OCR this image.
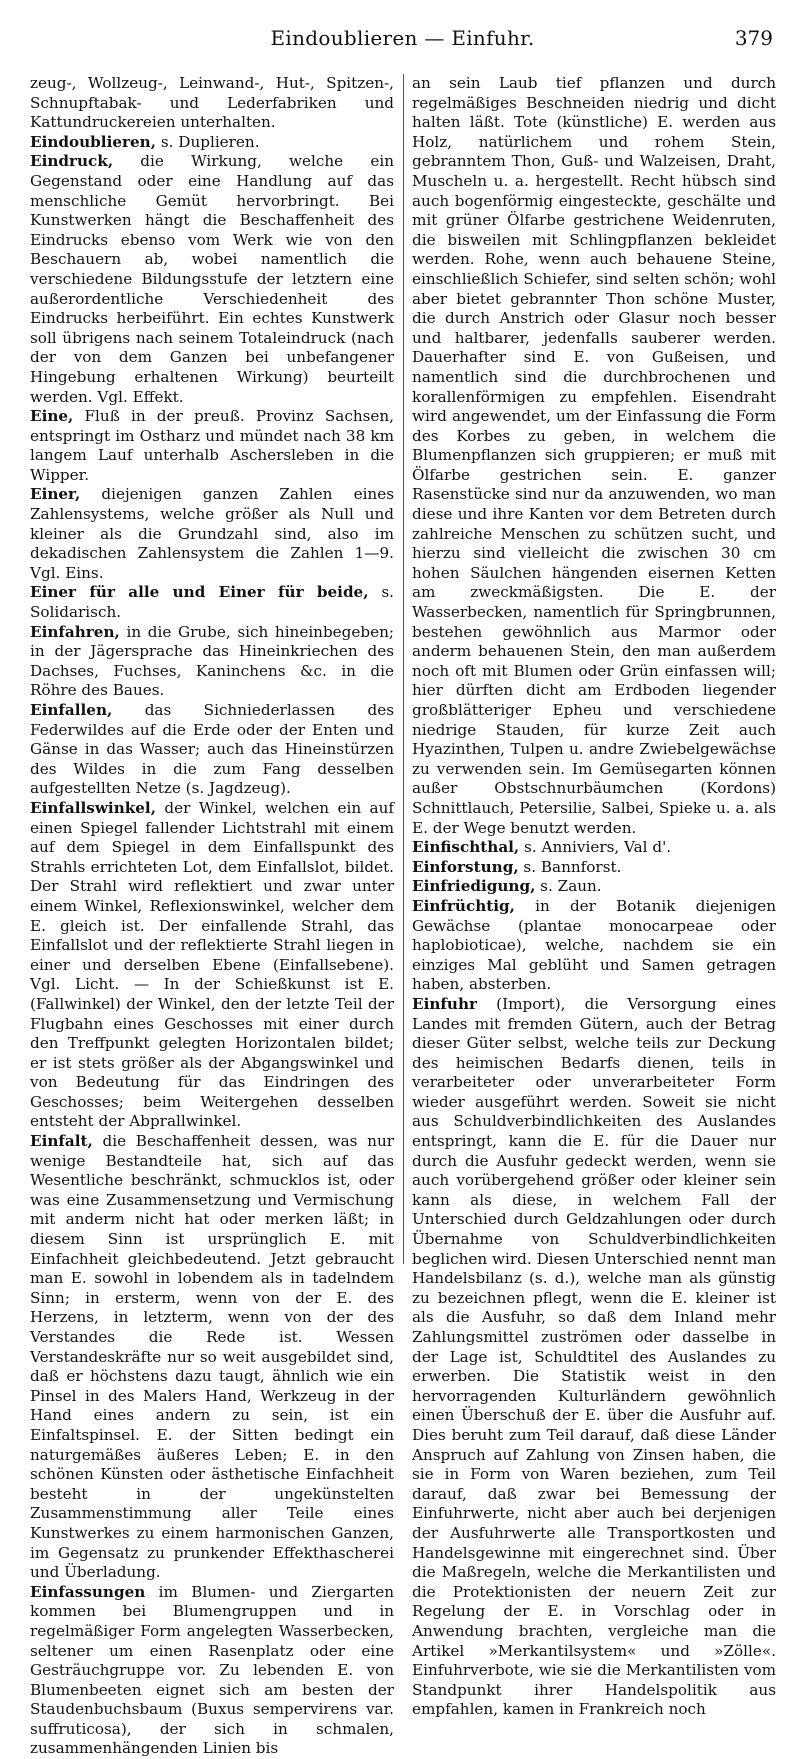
Eindoublieren — Einfuhr.	379

zeug-, Wollzeug-, Leinwand-, Hut-, Spitzen-, Schnupftabak- und Lederfabriken und Kattundruckereien unterhalten.

Eindoublieren, s. Duplieren.

Eindruck, die Wirkung, welche ein Gegenstand oder eine Handlung auf das menschliche Gemüt hervorbringt. Bei Kunstwerken hängt die Beschaffenheit des Eindrucks ebenso vom Werk wie von den Beschauern ab, wobei namentlich die verschiedene Bildungsstufe der letztern eine außerordentliche Verschiedenheit des Eindrucks herbeiführt. Ein echtes Kunstwerk soll übrigens nach seinem Totaleindruck (nach der von dem Ganzen bei unbefangener Hingebung erhaltenen Wirkung) beurteilt werden. Vgl. Effekt.

Eine, Fluß in der preuß. Provinz Sachsen, entspringt im Ostharz und mündet nach 38 km langem Lauf unterhalb Aschersleben in die Wipper.

Einer, diejenigen ganzen Zahlen eines Zahlensystems, welche größer als Null und kleiner als die Grundzahl sind, also im dekadischen Zahlensystem die Zahlen 1—9. Vgl. Eins.

Einer für alle und Einer für beide, s. Solidarisch.

Einfahren, in die Grube, sich hineinbegeben; in der Jägersprache das Hineinkriechen des Dachses, Fuchses, Kaninchens &c. in die Röhre des Baues.

Einfallen, das Sichniederlassen des Federwildes auf die Erde oder der Enten und Gänse in das Wasser; auch das Hineinstürzen des Wildes in die zum Fang desselben aufgestellten Netze (s. Jagdzeug).

Einfallswinkel, der Winkel, welchen ein auf einen Spiegel fallender Lichtstrahl mit einem auf dem Spiegel in dem Einfallspunkt des Strahls errichteten Lot, dem Einfallslot, bildet. Der Strahl wird reflektiert und zwar unter einem Winkel, Reflexionswinkel, welcher dem E. gleich ist. Der einfallende Strahl, das Einfallslot und der reflektierte Strahl liegen in einer und derselben Ebene (Einfallsebene). Vgl. Licht. — In der Schießkunst ist E. (Fallwinkel) der Winkel, den der letzte Teil der Flugbahn eines Geschosses mit einer durch den Treffpunkt gelegten Horizontalen bildet; er ist stets größer als der Abgangswinkel und von Bedeutung für das Eindringen des Geschosses; beim Weitergehen desselben entsteht der Abprallwinkel.

Einfalt, die Beschaffenheit dessen, was nur wenige Bestandteile hat, sich auf das Wesentliche beschränkt, schmucklos ist, oder was eine Zusammensetzung und Vermischung mit anderm nicht hat oder merken läßt; in diesem Sinn ist ursprünglich E. mit Einfachheit gleichbedeutend. Jetzt gebraucht man E. sowohl in lobendem als in tadelndem Sinn; in ersterm, wenn von der E. des Herzens, in letzterm, wenn von der des Verstandes die Rede ist. Wessen Verstandeskräfte nur so weit ausgebildet sind, daß er höchstens dazu taugt, ähnlich wie ein Pinsel in des Malers Hand, Werkzeug in der Hand eines andern zu sein, ist ein Einfaltspinsel. E. der Sitten bedingt ein naturgemäßes äußeres Leben; E. in den schönen Künsten oder ästhetische Einfachheit besteht in der ungekünstelten Zusammenstimmung aller Teile eines Kunstwerkes zu einem harmonischen Ganzen, im Gegensatz zu prunkender Effekthascherei und Überladung.

Einfassungen im Blumen- und Ziergarten kommen bei Blumengruppen und in regelmäßiger Form angelegten Wasserbecken, seltener um einen Rasenplatz oder eine Gesträuchgruppe vor. Zu lebenden E. von Blumenbeeten eignet sich am besten der Staudenbuchsbaum (Buxus sempervirens var. suffruticosa), der sich in schmalen, zusammenhängenden Linien bis

an sein Laub tief pflanzen und durch regelmäßiges Beschneiden niedrig und dicht halten läßt. Tote (künstliche) E. werden aus Holz, natürlichem und rohem Stein, gebranntem Thon, Guß- und Walzeisen, Draht, Muscheln u. a. hergestellt. Recht hübsch sind auch bogenförmig eingesteckte, geschälte und mit grüner Ölfarbe gestrichene Weidenruten, die bisweilen mit Schlingpflanzen bekleidet werden. Rohe, wenn auch behauene Steine, einschließlich Schiefer, sind selten schön; wohl aber bietet gebrannter Thon schöne Muster, die durch Anstrich oder Glasur noch besser und haltbarer, jedenfalls sauberer werden. Dauerhafter sind E. von Gußeisen, und namentlich sind die durchbrochenen und korallenförmigen zu empfehlen. Eisendraht wird angewendet, um der Einfassung die Form des Korbes zu geben, in welchem die Blumenpflanzen sich gruppieren; er muß mit Ölfarbe gestrichen sein. E. ganzer Rasenstücke sind nur da anzuwenden, wo man diese und ihre Kanten vor dem Betreten durch zahlreiche Menschen zu schützen sucht, und hierzu sind vielleicht die zwischen 30 cm hohen Säulchen hängenden eisernen Ketten am zweckmäßigsten. Die E. der Wasserbecken, namentlich für Springbrunnen, bestehen gewöhnlich aus Marmor oder anderm behauenen Stein, den man außerdem noch oft mit Blumen oder Grün einfassen will; hier dürften dicht am Erdboden liegender großblätteriger Epheu und verschiedene niedrige Stauden, für kurze Zeit auch Hyazinthen, Tulpen u. andre Zwiebelgewächse zu verwenden sein. Im Gemüsegarten können außer Obstschnurbäumchen (Kordons) Schnittlauch, Petersilie, Salbei, Spieke u. a. als E. der Wege benutzt werden.

Einfischthal, s. Anniviers, Val d'.

Einforstung, s. Bannforst.

Einfriedigung, s. Zaun.

Einfrüchtig, in der Botanik diejenigen Gewächse (plantae monocarpeae oder haplobioticae), welche, nachdem sie ein einziges Mal geblüht und Samen getragen haben, absterben.

Einfuhr (Import), die Versorgung eines Landes mit fremden Gütern, auch der Betrag dieser Güter selbst, welche teils zur Deckung des heimischen Bedarfs dienen, teils in verarbeiteter oder unverarbeiteter Form wieder ausgeführt werden. Soweit sie nicht aus Schuldverbindlichkeiten des Auslandes entspringt, kann die E. für die Dauer nur durch die Ausfuhr gedeckt werden, wenn sie auch vorübergehend größer oder kleiner sein kann als diese, in welchem Fall der Unterschied durch Geldzahlungen oder durch Übernahme von Schuldverbindlichkeiten beglichen wird. Diesen Unterschied nennt man Handelsbilanz (s. d.), welche man als günstig zu bezeichnen pflegt, wenn die E. kleiner ist als die Ausfuhr, so daß dem Inland mehr Zahlungsmittel zuströmen oder dasselbe in der Lage ist, Schuldtitel des Auslandes zu erwerben. Die Statistik weist in den hervorragenden Kulturländern gewöhnlich einen Überschuß der E. über die Ausfuhr auf. Dies beruht zum Teil darauf, daß diese Länder Anspruch auf Zahlung von Zinsen haben, die sie in Form von Waren beziehen, zum Teil darauf, daß zwar bei Bemessung der Einfuhrwerte, nicht aber auch bei derjenigen der Ausfuhrwerte alle Transportkosten und Handelsgewinne mit eingerechnet sind. Über die Maßregeln, welche die Merkantilisten und die Protektionisten der neuern Zeit zur Regelung der E. in Vorschlag oder in Anwendung brachten, vergleiche man die Artikel »Merkantilsystem« und »Zölle«. Einfuhrverbote, wie sie die Merkantilisten vom Standpunkt ihrer Handelspolitik aus empfahlen, kamen in Frankreich noch
